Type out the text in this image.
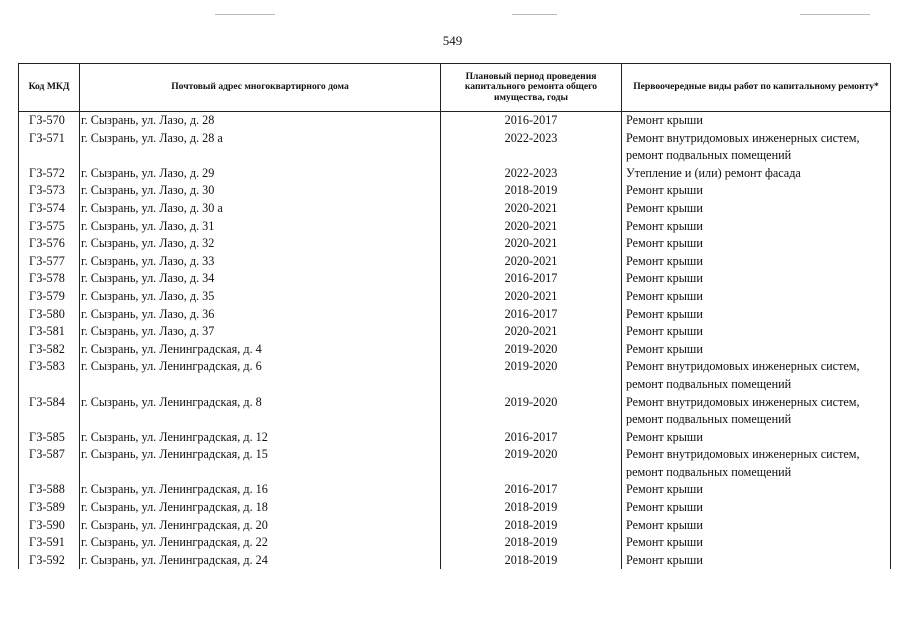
549
Код МКД	Почтовый адрес многоквартирного дома	Плановый период проведения капитального ремонта общего имущества, годы	Первоочередные виды работ по капитальному ремонту*
ГЗ-570	г. Сызрань, ул. Лазо, д. 28	2016-2017	Ремонт крыши
ГЗ-571	г. Сызрань, ул. Лазо, д. 28 а	2022-2023	Ремонт внутридомовых инженерных систем, ремонт подвальных помещений
ГЗ-572	г. Сызрань, ул. Лазо, д. 29	2022-2023	Утепление и (или) ремонт фасада
ГЗ-573	г. Сызрань, ул. Лазо, д. 30	2018-2019	Ремонт крыши
ГЗ-574	г. Сызрань, ул. Лазо, д. 30 а	2020-2021	Ремонт крыши
ГЗ-575	г. Сызрань, ул. Лазо, д. 31	2020-2021	Ремонт крыши
ГЗ-576	г. Сызрань, ул. Лазо, д. 32	2020-2021	Ремонт крыши
ГЗ-577	г. Сызрань, ул. Лазо, д. 33	2020-2021	Ремонт крыши
ГЗ-578	г. Сызрань, ул. Лазо, д. 34	2016-2017	Ремонт крыши
ГЗ-579	г. Сызрань, ул. Лазо, д. 35	2020-2021	Ремонт крыши
ГЗ-580	г. Сызрань, ул. Лазо, д. 36	2016-2017	Ремонт крыши
ГЗ-581	г. Сызрань, ул. Лазо, д. 37	2020-2021	Ремонт крыши
ГЗ-582	г. Сызрань, ул. Ленинградская, д. 4	2019-2020	Ремонт крыши
ГЗ-583	г. Сызрань, ул. Ленинградская, д. 6	2019-2020	Ремонт внутридомовых инженерных систем, ремонт подвальных помещений
ГЗ-584	г. Сызрань, ул. Ленинградская, д. 8	2019-2020	Ремонт внутридомовых инженерных систем, ремонт подвальных помещений
ГЗ-585	г. Сызрань, ул. Ленинградская, д. 12	2016-2017	Ремонт крыши
ГЗ-587	г. Сызрань, ул. Ленинградская, д. 15	2019-2020	Ремонт внутридомовых инженерных систем, ремонт подвальных помещений
ГЗ-588	г. Сызрань, ул. Ленинградская, д. 16	2016-2017	Ремонт крыши
ГЗ-589	г. Сызрань, ул. Ленинградская, д. 18	2018-2019	Ремонт крыши
ГЗ-590	г. Сызрань, ул. Ленинградская, д. 20	2018-2019	Ремонт крыши
ГЗ-591	г. Сызрань, ул. Ленинградская, д. 22	2018-2019	Ремонт крыши
ГЗ-592	г. Сызрань, ул. Ленинградская, д. 24	2018-2019	Ремонт крыши
